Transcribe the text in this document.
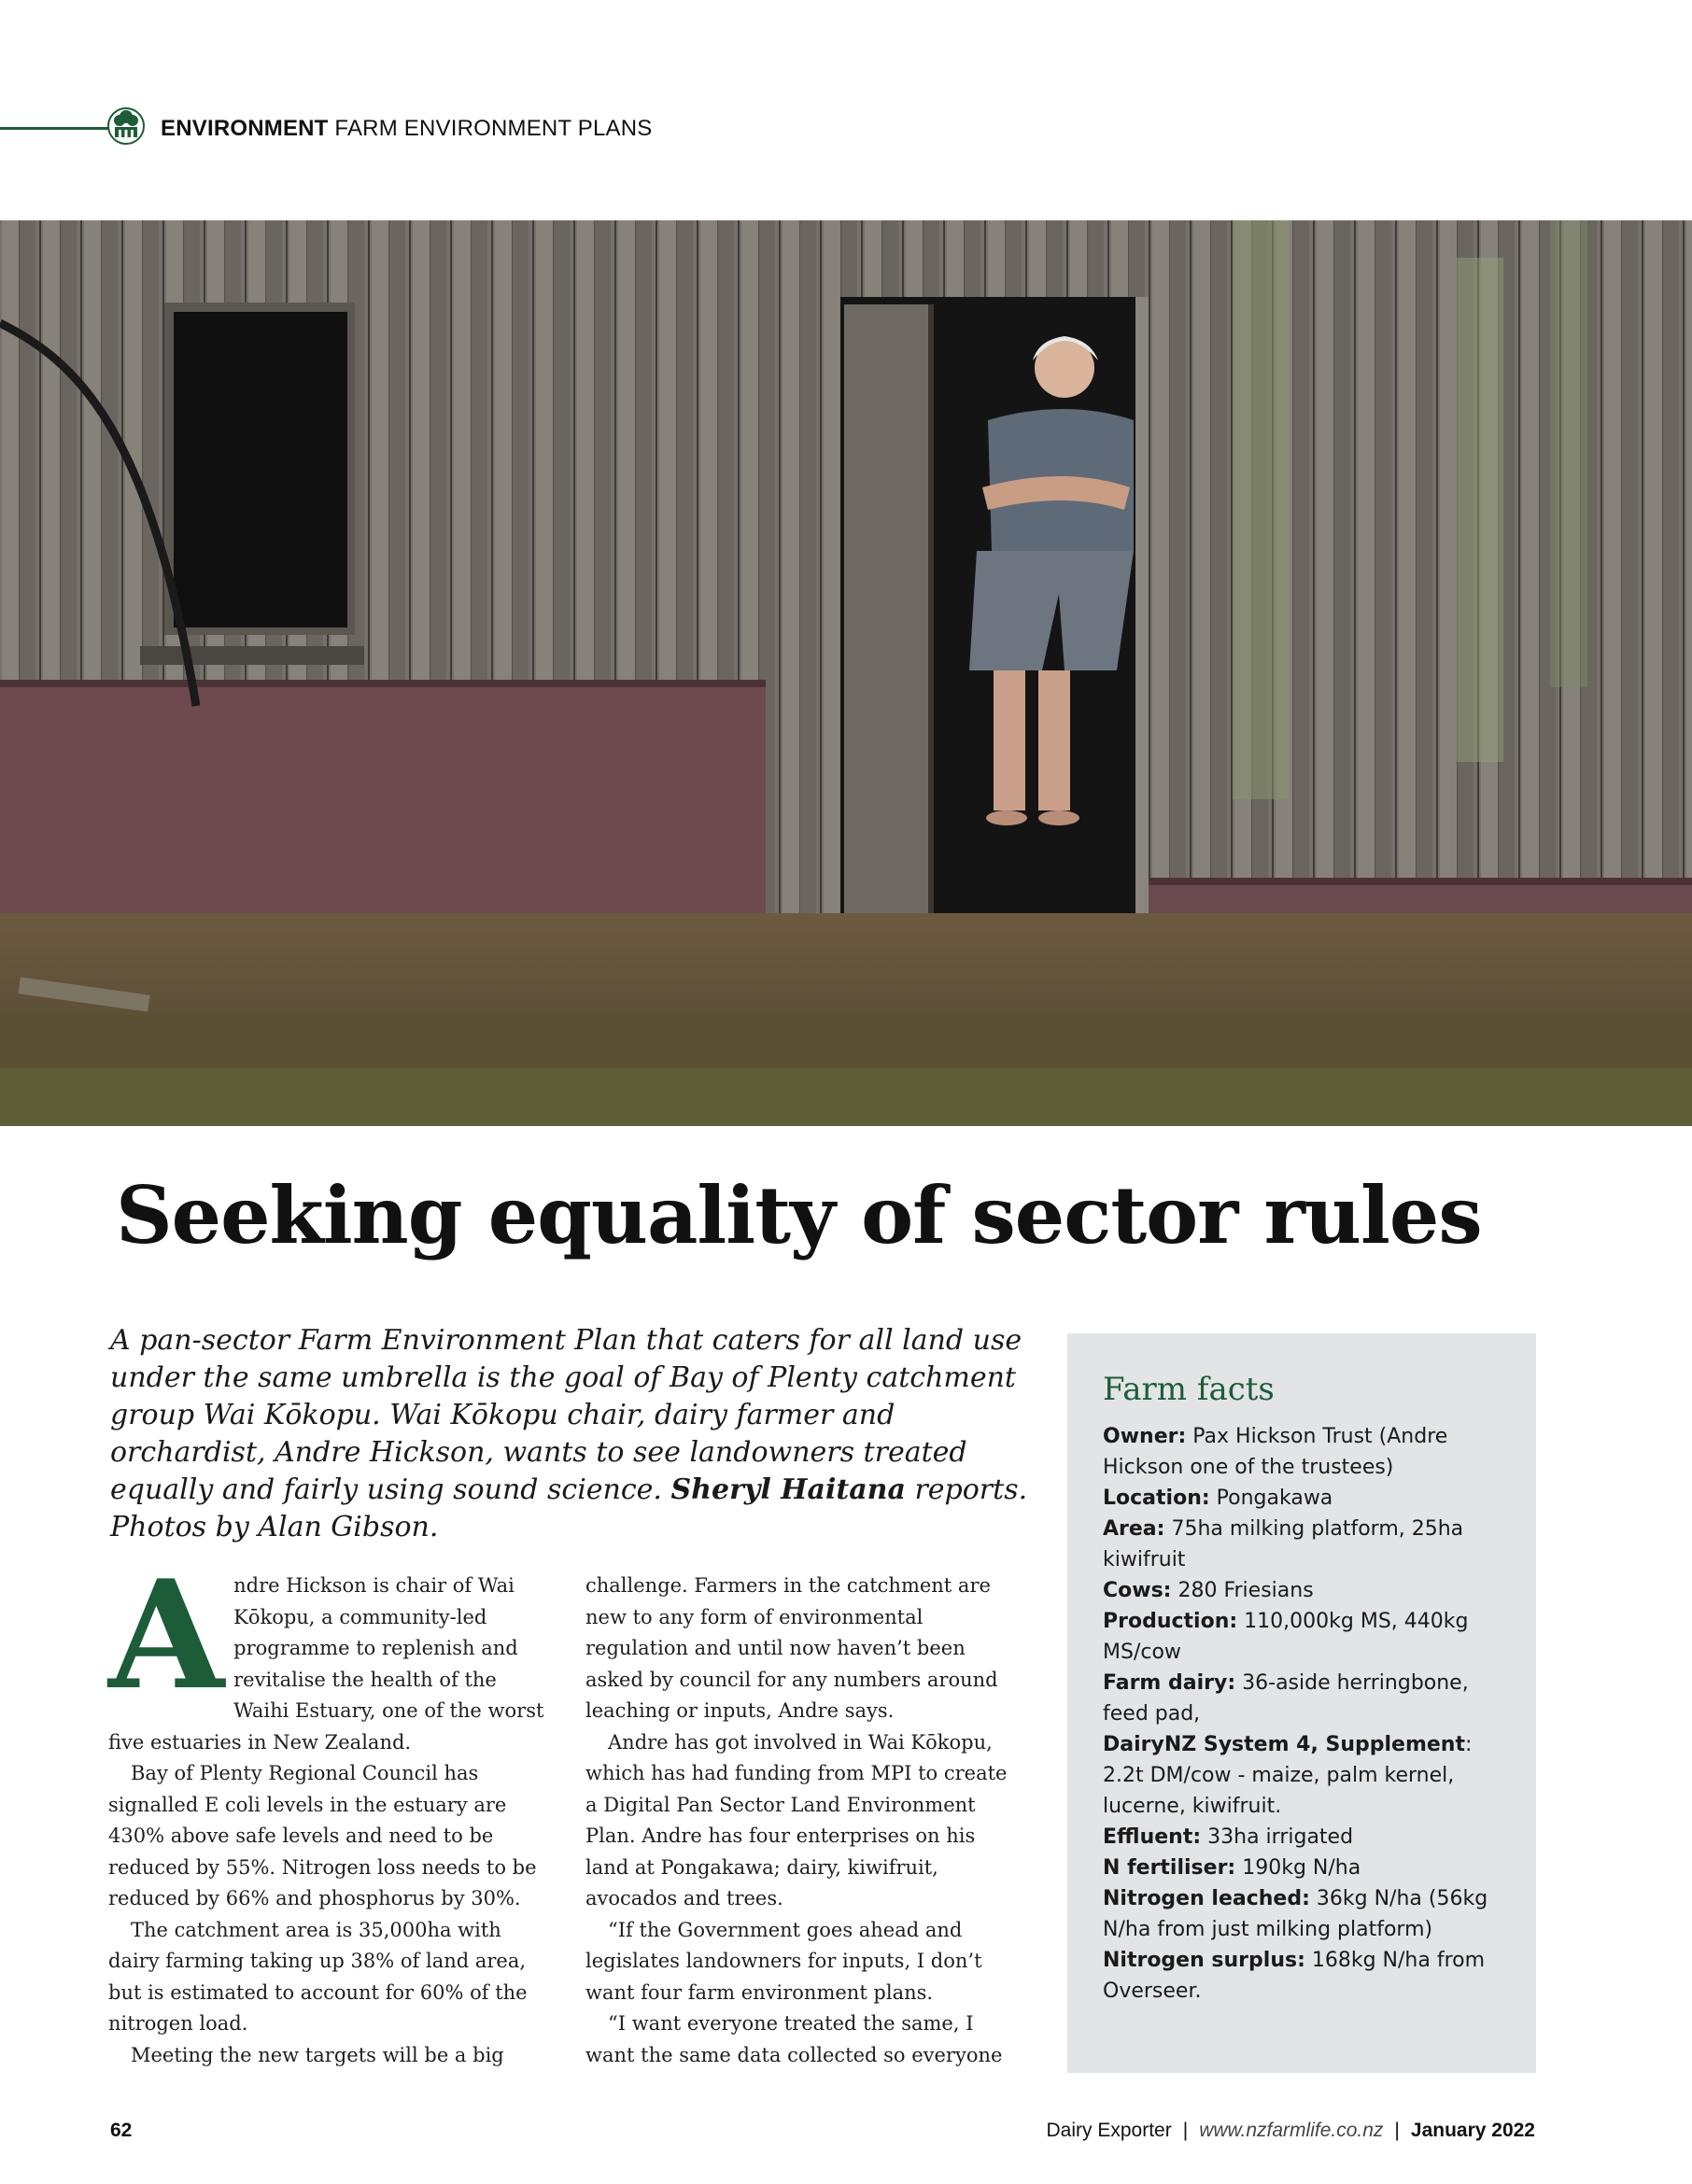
ENVIRONMENT FARM ENVIRONMENT PLANS
Seeking equality of sector rules

A pan-sector Farm Environment Plan that caters for all land use under the same umbrella is the goal of Bay of Plenty catchment group Wai Kōkopu. Wai Kōkopu chair, dairy farmer and orchardist, Andre Hickson, wants to see landowners treated equally and fairly using sound science. Sheryl Haitana reports. Photos by Alan Gibson.

Andre Hickson is chair of Wai Kōkopu, a community-led programme to replenish and revitalise the health of the Waihi Estuary, one of the worst five estuaries in New Zealand.

Bay of Plenty Regional Council has signalled E coli levels in the estuary are 430% above safe levels and need to be reduced by 55%. Nitrogen loss needs to be reduced by 66% and phosphorus by 30%.

The catchment area is 35,000ha with dairy farming taking up 38% of land area, but is estimated to account for 60% of the nitrogen load.

Meeting the new targets will be a big

challenge. Farmers in the catchment are new to any form of environmental regulation and until now haven’t been asked by council for any numbers around leaching or inputs, Andre says.

Andre has got involved in Wai Kōkopu, which has had funding from MPI to create a Digital Pan Sector Land Environment Plan. Andre has four enterprises on his land at Pongakawa; dairy, kiwifruit, avocados and trees.

“If the Government goes ahead and legislates landowners for inputs, I don’t want four farm environment plans.

“I want everyone treated the same, I want the same data collected so everyone

Farm facts
Owner: Pax Hickson Trust (Andre Hickson one of the trustees)
Location: Pongakawa
Area: 75ha milking platform, 25ha kiwifruit
Cows: 280 Friesians
Production: 110,000kg MS, 440kg MS/cow
Farm dairy: 36-aside herringbone, feed pad,
DairyNZ System 4, Supplement: 2.2t DM/cow - maize, palm kernel, lucerne, kiwifruit.
Effluent: 33ha irrigated
N fertiliser: 190kg N/ha
Nitrogen leached: 36kg N/ha (56kg N/ha from just milking platform)
Nitrogen surplus: 168kg N/ha from Overseer.
62	Dairy Exporter | www.nzfarmlife.co.nz | January 2022
